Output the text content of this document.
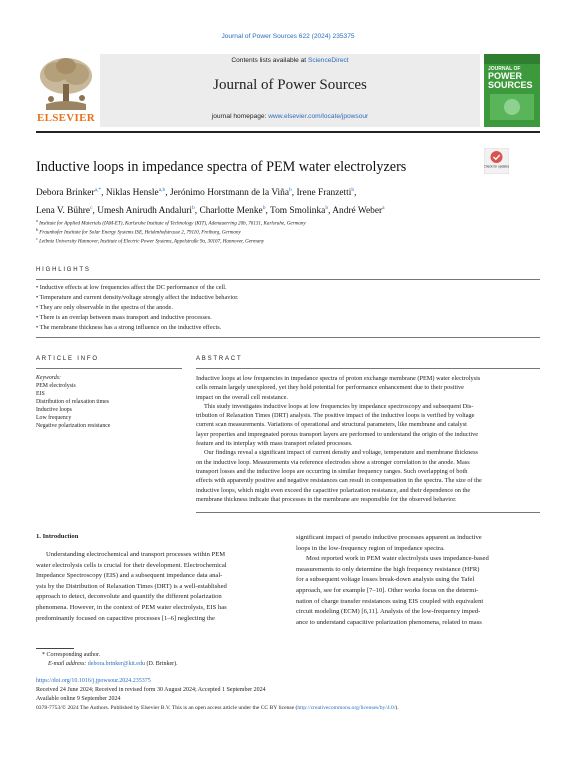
Journal of Power Sources 622 (2024) 235375
ELSEVIER
Contents lists available at ScienceDirect
Journal of Power Sources
journal homepage: www.elsevier.com/locate/jpowsour
JOURNAL OF
POWER
SOURCES
Inductive loops in impedance spectra of PEM water electrolyzers	Check for updates
Debora Brinker$^{a,*}$, Niklas Hensle$^{a,b}$, Jerónimo Horstmann de la Viña$^b$, Irene Franzetti$^b$,
Lena V. Bühre$^c$, Umesh Anirudh Andaluri$^b$, Charlotte Menke$^b$, Tom Smolinka$^b$, André Weber$^a$
$^a$ Institute for Applied Materials (IAM-ET), Karlsruhe Institute of Technology (KIT), Adenauerring 20b, 76131, Karlsruhe, Germany
$^b$ Fraunhofer Institute for Solar Energy Systems ISE, Heidenhofstrasse 2, 79110, Freiburg, Germany
$^c$ Leibniz University Hannover, Institute of Electric Power Systems, Appelstraße 9a, 30167, Hannover, Germany
HIGHLIGHTS
• Inductive effects at low frequencies affect the DC performance of the cell.
• Temperature and current density/voltage strongly affect the inductive behavior.
• They are only observable in the spectra of the anode.
• There is an overlap between mass transport and inductive processes.
• The membrane thickness has a strong influence on the inductive effects.
ARTICLE INFO
Keywords:
PEM electrolysis
EIS
Distribution of relaxation times
Inductive loops
Low frequency
Negative polarization resistance
ABSTRACT
Inductive loops at low frequencies in impedance spectra of proton exchange membrane (PEM) water electrolysis
cells remain largely unexplored, yet they hold potential for performance enhancement due to their positive
impact on the overall cell resistance.
This study investigates inductive loops at low frequencies by impedance spectroscopy and subsequent Dis-
tribution of Relaxation Times (DRT) analysis. The positive impact of the inductive loops is verified by voltage
current scan measurements. Variations of operational and structural parameters, like membrane and catalyst
layer properties and impregnated porous transport layers are performed to understand the origin of the inductive
feature and its interplay with mass transport related processes.
Our findings reveal a significant impact of current density and voltage, temperature and membrane thickness
on the inductive loop. Measurements via reference electrodes show a stronger correlation to the anode. Mass
transport losses and the inductive loops are occurring in similar frequency ranges. Such overlapping of both
effects with apparently positive and negative resistances can result in compensation in the spectra. The size of the
inductive loops, which might even exceed the capacitive polarization resistance, and their dependence on the
membrane thickness indicate that processes in the membrane are responsible for the observed behavior.
1. Introduction
Understanding electrochemical and transport processes within PEM
water electrolysis cells is crucial for their development. Electrochemical
Impedance Spectroscopy (EIS) and a subsequent impedance data anal-
ysis by the Distribution of Relaxation Times (DRT) is a well-established
approach to detect, deconvolute and quantify the different polarization
phenomena. However, in the context of PEM water electrolysis, EIS has
predominantly focused on capacitive processes [1–6] neglecting the
significant impact of pseudo inductive processes apparent as inductive
loops in the low-frequency region of impedance spectra.
Most reported work in PEM water electrolysis uses impedance-based
measurements to only determine the high frequency resistance (HFR)
for a subsequent voltage losses break-down analysis using the Tafel
approach, see for example [7–10]. Other works focus on the determi-
nation of charge transfer resistances using EIS coupled with equivalent
circuit modeling (ECM) [6,11]. Analysis of the low-frequency imped-
ance to understand capacitive polarization phenomena, related to mass
* Corresponding author.
E-mail address: debora.brinker@kit.edu (D. Brinker).
https://doi.org/10.1016/j.jpowsour.2024.235375
Received 24 June 2024; Received in revised form 30 August 2024; Accepted 1 September 2024
Available online 9 September 2024
0378-7753/© 2024 The Authors. Published by Elsevier B.V. This is an open access article under the CC BY license (http://creativecommons.org/licenses/by/4.0/).
